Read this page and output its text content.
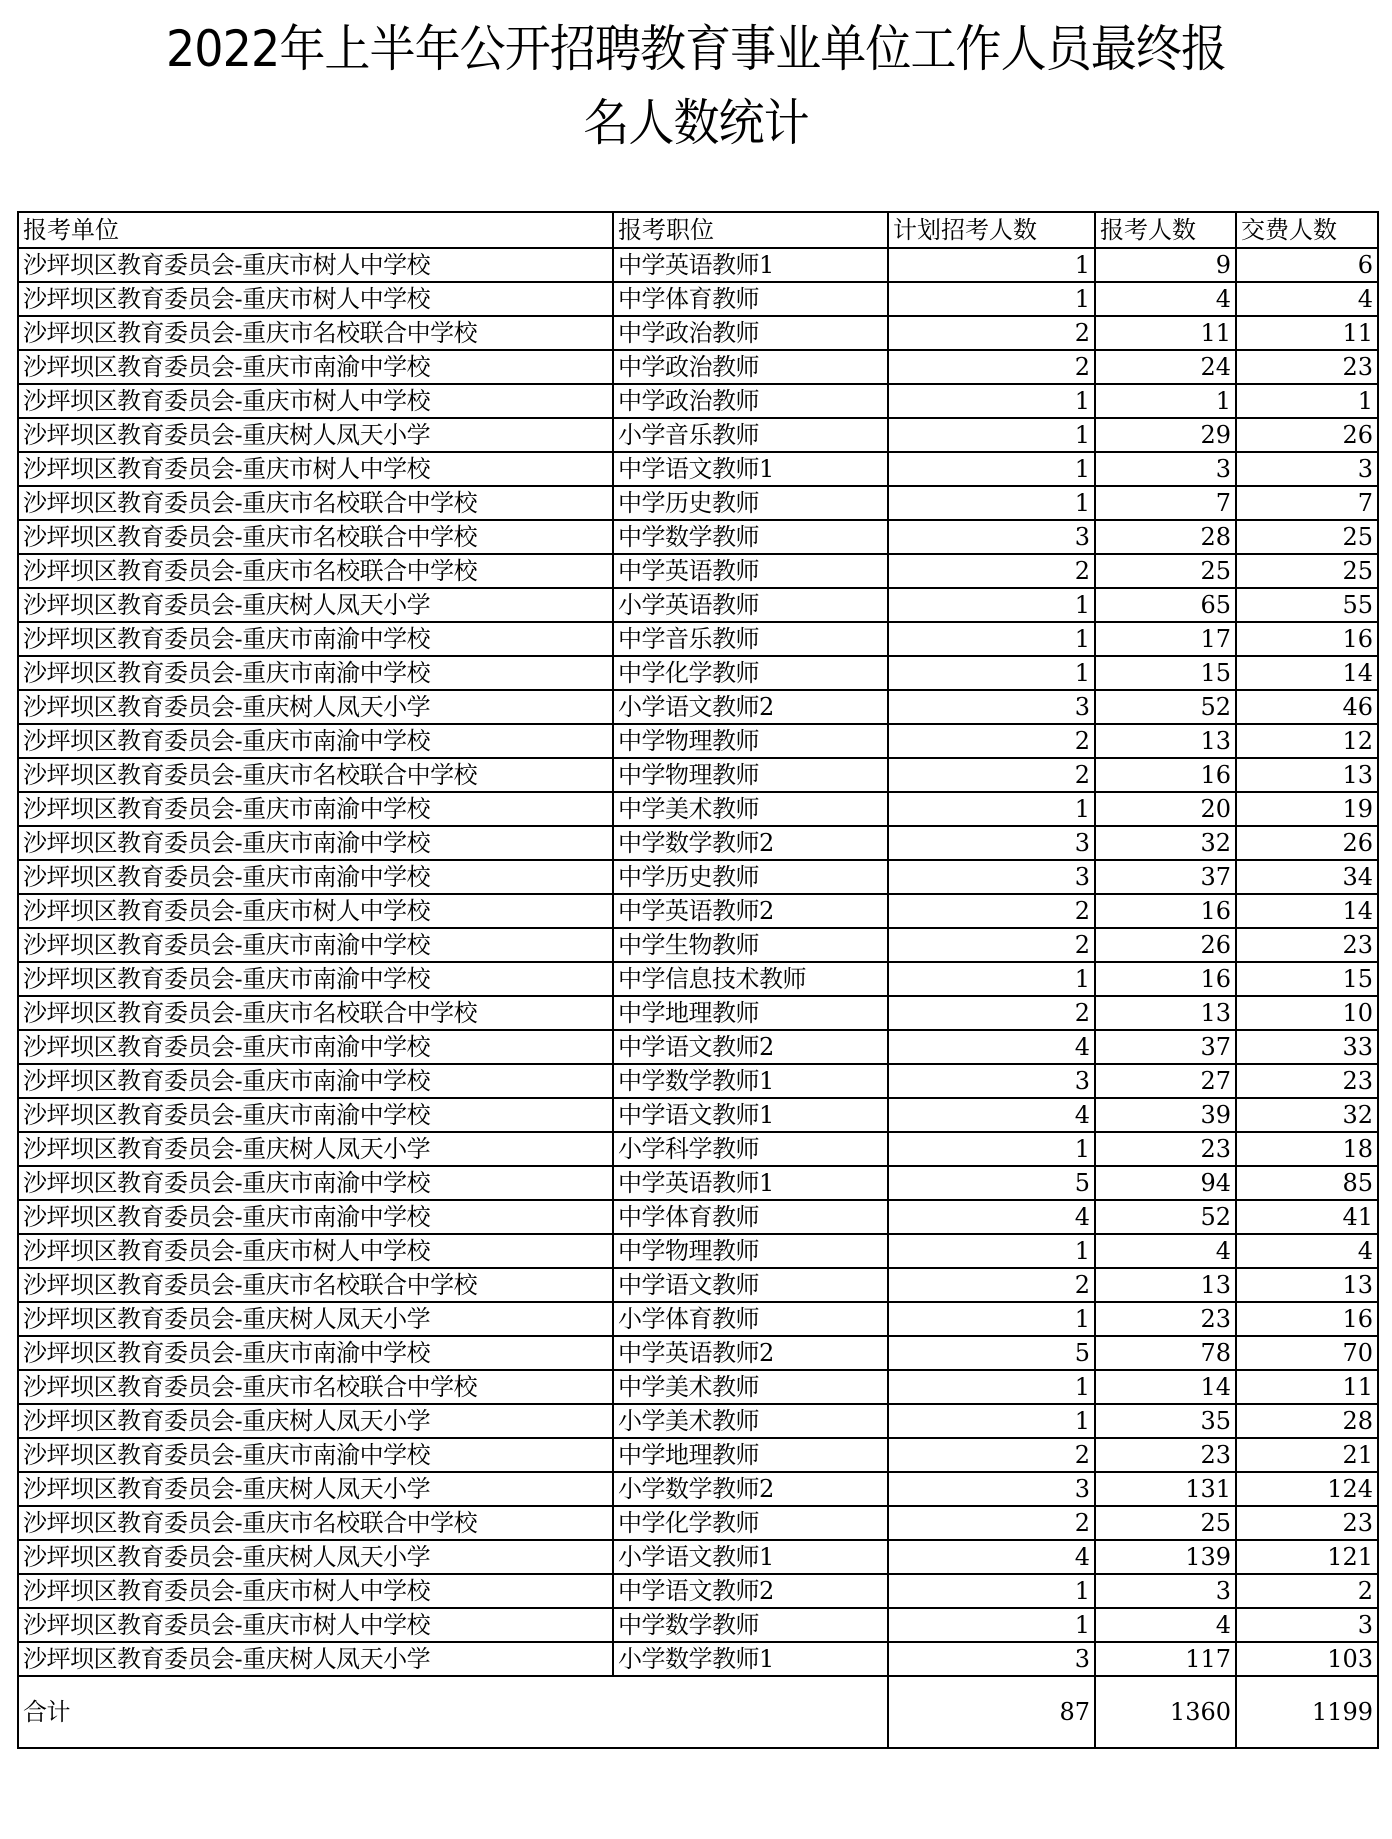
2022年上半年公开招聘教育事业单位工作人员最终报
名人数统计
报考单位	报考职位	计划招考人数	报考人数	交费人数
沙坪坝区教育委员会-重庆市树人中学校	中学英语教师1	1	9	6
沙坪坝区教育委员会-重庆市树人中学校	中学体育教师	1	4	4
沙坪坝区教育委员会-重庆市名校联合中学校	中学政治教师	2	11	11
沙坪坝区教育委员会-重庆市南渝中学校	中学政治教师	2	24	23
沙坪坝区教育委员会-重庆市树人中学校	中学政治教师	1	1	1
沙坪坝区教育委员会-重庆树人凤天小学	小学音乐教师	1	29	26
沙坪坝区教育委员会-重庆市树人中学校	中学语文教师1	1	3	3
沙坪坝区教育委员会-重庆市名校联合中学校	中学历史教师	1	7	7
沙坪坝区教育委员会-重庆市名校联合中学校	中学数学教师	3	28	25
沙坪坝区教育委员会-重庆市名校联合中学校	中学英语教师	2	25	25
沙坪坝区教育委员会-重庆树人凤天小学	小学英语教师	1	65	55
沙坪坝区教育委员会-重庆市南渝中学校	中学音乐教师	1	17	16
沙坪坝区教育委员会-重庆市南渝中学校	中学化学教师	1	15	14
沙坪坝区教育委员会-重庆树人凤天小学	小学语文教师2	3	52	46
沙坪坝区教育委员会-重庆市南渝中学校	中学物理教师	2	13	12
沙坪坝区教育委员会-重庆市名校联合中学校	中学物理教师	2	16	13
沙坪坝区教育委员会-重庆市南渝中学校	中学美术教师	1	20	19
沙坪坝区教育委员会-重庆市南渝中学校	中学数学教师2	3	32	26
沙坪坝区教育委员会-重庆市南渝中学校	中学历史教师	3	37	34
沙坪坝区教育委员会-重庆市树人中学校	中学英语教师2	2	16	14
沙坪坝区教育委员会-重庆市南渝中学校	中学生物教师	2	26	23
沙坪坝区教育委员会-重庆市南渝中学校	中学信息技术教师	1	16	15
沙坪坝区教育委员会-重庆市名校联合中学校	中学地理教师	2	13	10
沙坪坝区教育委员会-重庆市南渝中学校	中学语文教师2	4	37	33
沙坪坝区教育委员会-重庆市南渝中学校	中学数学教师1	3	27	23
沙坪坝区教育委员会-重庆市南渝中学校	中学语文教师1	4	39	32
沙坪坝区教育委员会-重庆树人凤天小学	小学科学教师	1	23	18
沙坪坝区教育委员会-重庆市南渝中学校	中学英语教师1	5	94	85
沙坪坝区教育委员会-重庆市南渝中学校	中学体育教师	4	52	41
沙坪坝区教育委员会-重庆市树人中学校	中学物理教师	1	4	4
沙坪坝区教育委员会-重庆市名校联合中学校	中学语文教师	2	13	13
沙坪坝区教育委员会-重庆树人凤天小学	小学体育教师	1	23	16
沙坪坝区教育委员会-重庆市南渝中学校	中学英语教师2	5	78	70
沙坪坝区教育委员会-重庆市名校联合中学校	中学美术教师	1	14	11
沙坪坝区教育委员会-重庆树人凤天小学	小学美术教师	1	35	28
沙坪坝区教育委员会-重庆市南渝中学校	中学地理教师	2	23	21
沙坪坝区教育委员会-重庆树人凤天小学	小学数学教师2	3	131	124
沙坪坝区教育委员会-重庆市名校联合中学校	中学化学教师	2	25	23
沙坪坝区教育委员会-重庆树人凤天小学	小学语文教师1	4	139	121
沙坪坝区教育委员会-重庆市树人中学校	中学语文教师2	1	3	2
沙坪坝区教育委员会-重庆市树人中学校	中学数学教师	1	4	3
沙坪坝区教育委员会-重庆树人凤天小学	小学数学教师1	3	117	103
合计		87	1360	1199
